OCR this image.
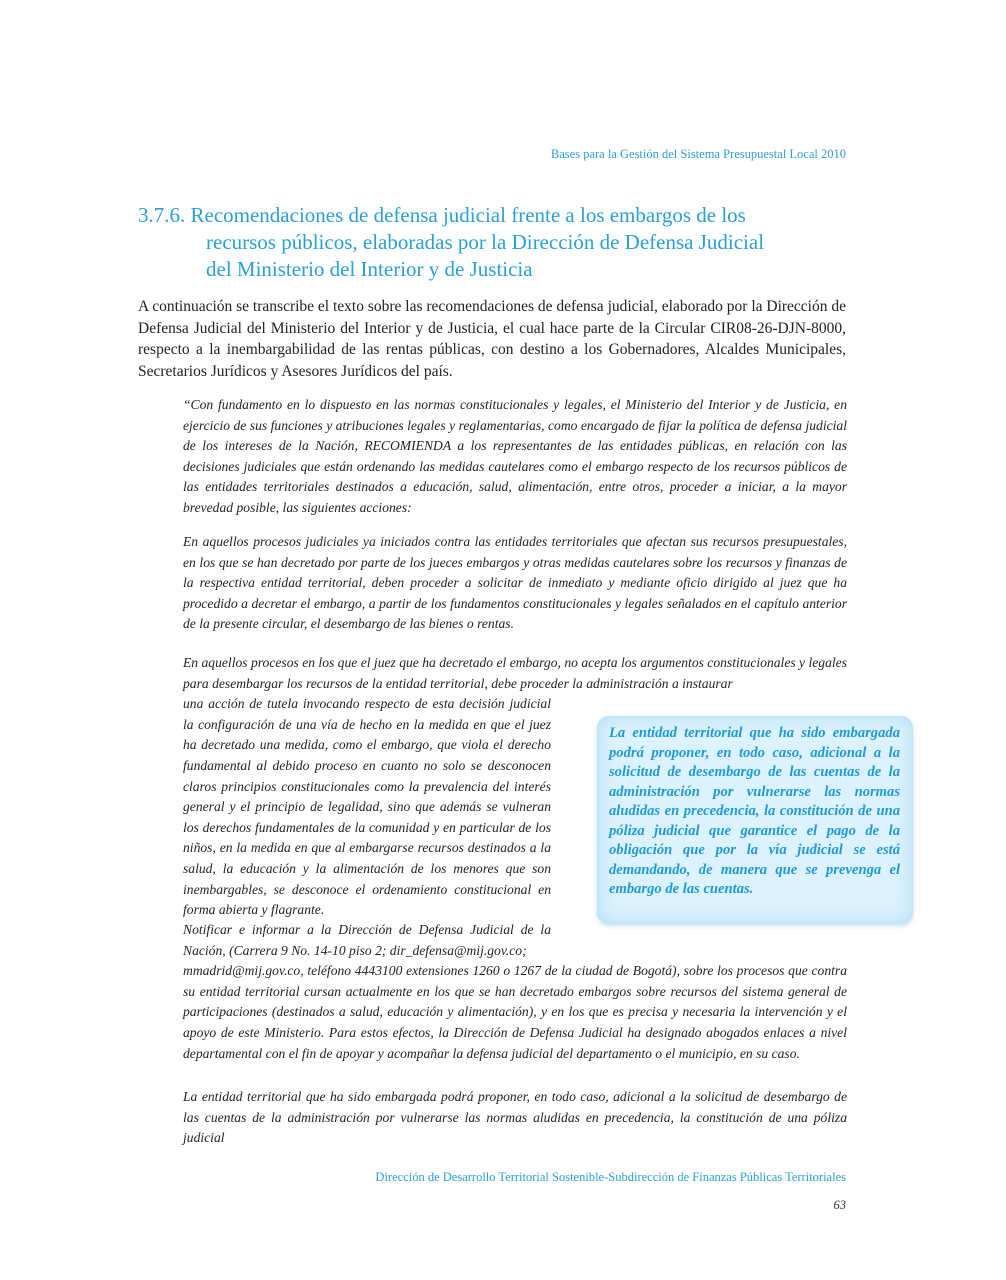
Bases para la Gestión del Sistema Presupuestal Local 2010
3.7.6. Recomendaciones de defensa judicial frente a los embargos de los
recursos públicos, elaboradas por la Dirección de Defensa Judicial
del Ministerio del Interior y de Justicia

A continuación se transcribe el texto sobre las recomendaciones de defensa judicial, elaborado por la Dirección de Defensa Judicial del Ministerio del Interior y de Justicia, el cual hace parte de la Circular CIR08-26-DJN-8000, respecto a la inembargabilidad de las rentas públicas, con destino a los Gobernadores, Alcaldes Municipales, Secretarios Jurídicos y Asesores Jurídicos del país.

“Con fundamento en lo dispuesto en las normas constitucionales y legales, el Ministerio del Interior y de Justicia, en ejercicio de sus funciones y atribuciones legales y reglamentarias, como encargado de fijar la política de defensa judicial de los intereses de la Nación, RECOMIENDA a los representantes de las entidades públicas, en relación con las decisiones judiciales que están ordenando las medidas cautelares como el embargo respecto de los recursos públicos de las entidades territoriales destinados a educación, salud, alimentación, entre otros, proceder a iniciar, a la mayor brevedad posible, las siguientes acciones:

En aquellos procesos judiciales ya iniciados contra las entidades territoriales que afectan sus recursos presupuestales, en los que se han decretado por parte de los jueces embargos y otras medidas cautelares sobre los recursos y finanzas de la respectiva entidad territorial, deben proceder a solicitar de inmediato y mediante oficio dirigido al juez que ha procedido a decretar el embargo, a partir de los fundamentos constitucionales y legales señalados en el capítulo anterior de la presente circular, el desembargo de las bienes o rentas.

En aquellos procesos en los que el juez que ha decretado el embargo, no acepta los argumentos constitucionales y legales para desembargar los recursos de la entidad territorial, debe proceder la administración a instaurar
una acción de tutela invocando respecto de esta decisión judicial la configuración de una vía de hecho en la medida en que el juez ha decretado una medida, como el embargo, que viola el derecho fundamental al debido proceso en cuanto no solo se desconocen claros principios constitucionales como la prevalencia del interés general y el principio de legalidad, sino que además se vulneran los derechos fundamentales de la comunidad y en particular de los niños, en la medida en que al embargarse recursos destinados a la salud, la educación y la alimentación de los menores que son inembargables, se desconoce el ordenamiento constitucional en forma abierta y flagrante.
Notificar e informar a la Dirección de Defensa Judicial de la Nación, (Carrera 9 No. 14-10 piso 2; dir_defensa@mij.gov.co;
mmadrid@mij.gov.co, teléfono 4443100 extensiones 1260 o 1267 de la ciudad de Bogotá), sobre los procesos que contra su entidad territorial cursan actualmente en los que se han decretado embargos sobre recursos del sistema general de participaciones (destinados a salud, educación y alimentación), y en los que es precisa y necesaria la intervención y el apoyo de este Ministerio. Para estos efectos, la Dirección de Defensa Judicial ha designado abogados enlaces a nivel departamental con el fin de apoyar y acompañar la defensa judicial del departamento o el municipio, en su caso.

La entidad territorial que ha sido embargada podrá proponer, en todo caso, adicional a la solicitud de desembargo de las cuentas de la administración por vulnerarse las normas aludidas en precedencia, la constitución de una póliza judicial

La entidad territorial que ha sido embargada podrá proponer, en todo caso, adicional a la solicitud de desembargo de las cuentas de la administración por vulnerarse las normas aludidas en precedencia, la constitución de una póliza judicial que garantice el pago de la obligación que por la vía judicial se está demandando, de manera que se prevenga el embargo de las cuentas.
Dirección de Desarrollo Territorial Sostenible-Subdirección de Finanzas Públicas Territoriales
63
